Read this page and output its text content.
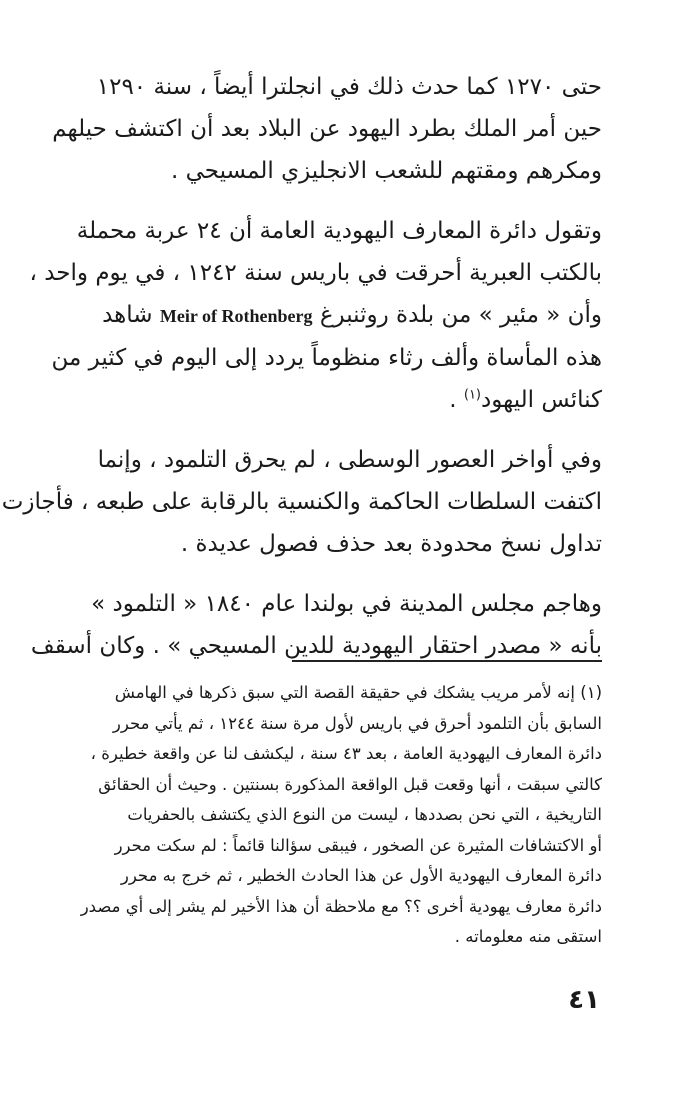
حتى ١٢٧٠ كما حدث ذلك في انجلترا أيضاً ، سنة ١٢٩٠
حين أمر الملك بطرد اليهود عن البلاد بعد أن اكتشف حيلهم
ومكرهم ومقتهم للشعب الانجليزي المسيحي .

وتقول دائرة المعارف اليهودية العامة أن ٢٤ عربة محملة
بالكتب العبرية أحرقت في باريس سنة ١٢٤٢ ، في يوم واحد ،
وأن « مئير » من بلدة روثنبرغ Meir of Rothenberg شاهد
هذه المأساة وألف رثاء منظوماً يردد إلى اليوم في كثير من
كنائس اليهود$^{(١)}$ .

وفي أواخر العصور الوسطى ، لم يحرق التلمود ، وإنما
اكتفت السلطات الحاكمة والكنسية بالرقابة على طبعه ، فأجازت
تداول نسخ محدودة بعد حذف فصول عديدة .

وهاجم مجلس المدينة في بولندا عام ١٨٤٠ « التلمود »
بأنه « مصدر احتقار اليهودية للدين المسيحي » . وكان أسقف

(١) إنه لأمر مريب يشكك في حقيقة القصة التي سبق ذكرها في الهامش
السابق بأن التلمود أحرق في باريس لأول مرة سنة ١٢٤٤ ، ثم يأتي محرر
دائرة المعارف اليهودية العامة ، بعد ٤٣ سنة ، ليكشف لنا عن واقعة خطيرة ،
كالتي سبقت ، أنها وقعت قبل الواقعة المذكورة بسنتين . وحيث أن الحقائق
التاريخية ، التي نحن بصددها ، ليست من النوع الذي يكتشف بالحفريات
أو الاكتشافات المثيرة عن الصخور ، فيبقى سؤالنا قائماً : لم سكت محرر
دائرة المعارف اليهودية الأول عن هذا الحادث الخطير ، ثم خرج به محرر
دائرة معارف يهودية أخرى ؟؟ مع ملاحظة أن هذا الأخير لم يشر إلى أي مصدر
استقى منه معلوماته .
٤١
